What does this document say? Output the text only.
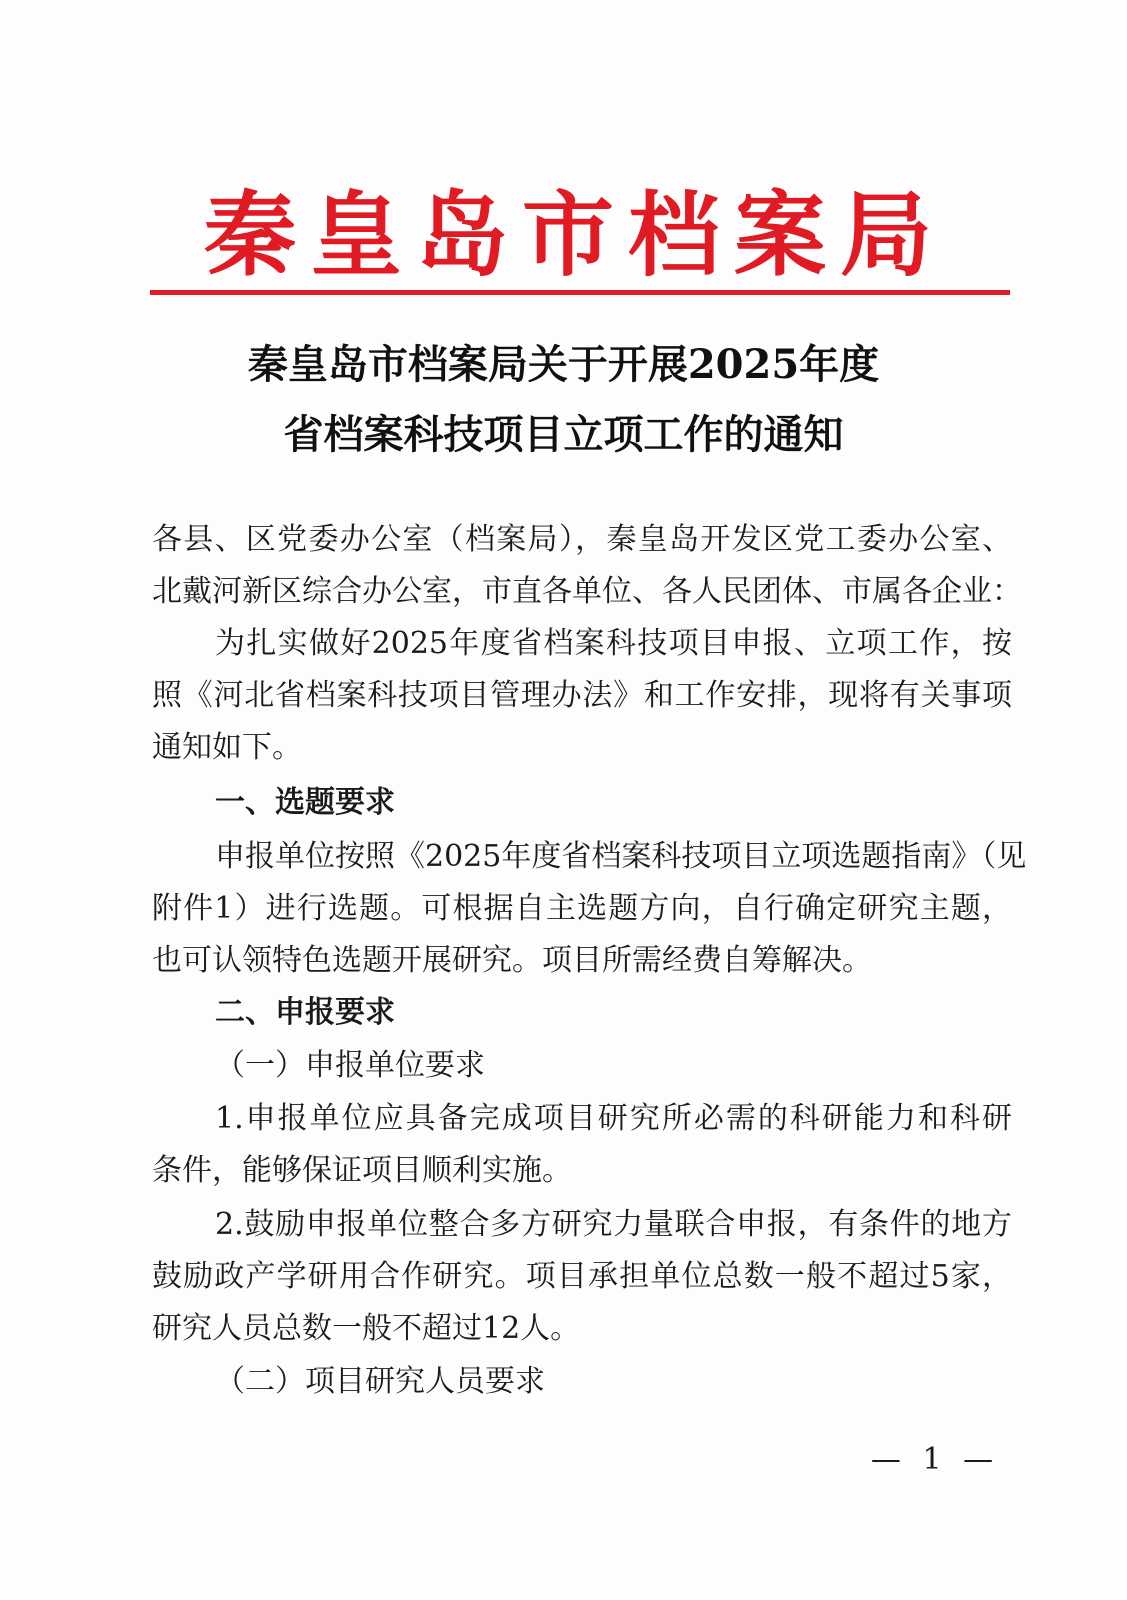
秦皇岛市档案局
秦皇岛市档案局关于开展2025年度
省档案科技项目立项工作的通知
各县、区党委办公室（档案局），秦皇岛开发区党工委办公室、
北戴河新区综合办公室，市直各单位、各人民团体、市属各企业：
为扎实做好2025年度省档案科技项目申报、立项工作，按
照《河北省档案科技项目管理办法》和工作安排，现将有关事项
通知如下。
一、选题要求
申报单位按照《2025年度省档案科技项目立项选题指南》（见
附件1）进行选题。可根据自主选题方向，自行确定研究主题，
也可认领特色选题开展研究。项目所需经费自筹解决。
二、申报要求
（一）申报单位要求
1.申报单位应具备完成项目研究所必需的科研能力和科研
条件，能够保证项目顺利实施。
2.鼓励申报单位整合多方研究力量联合申报，有条件的地方
鼓励政产学研用合作研究。项目承担单位总数一般不超过5家，
研究人员总数一般不超过12人。
（二）项目研究人员要求
— 1 —
